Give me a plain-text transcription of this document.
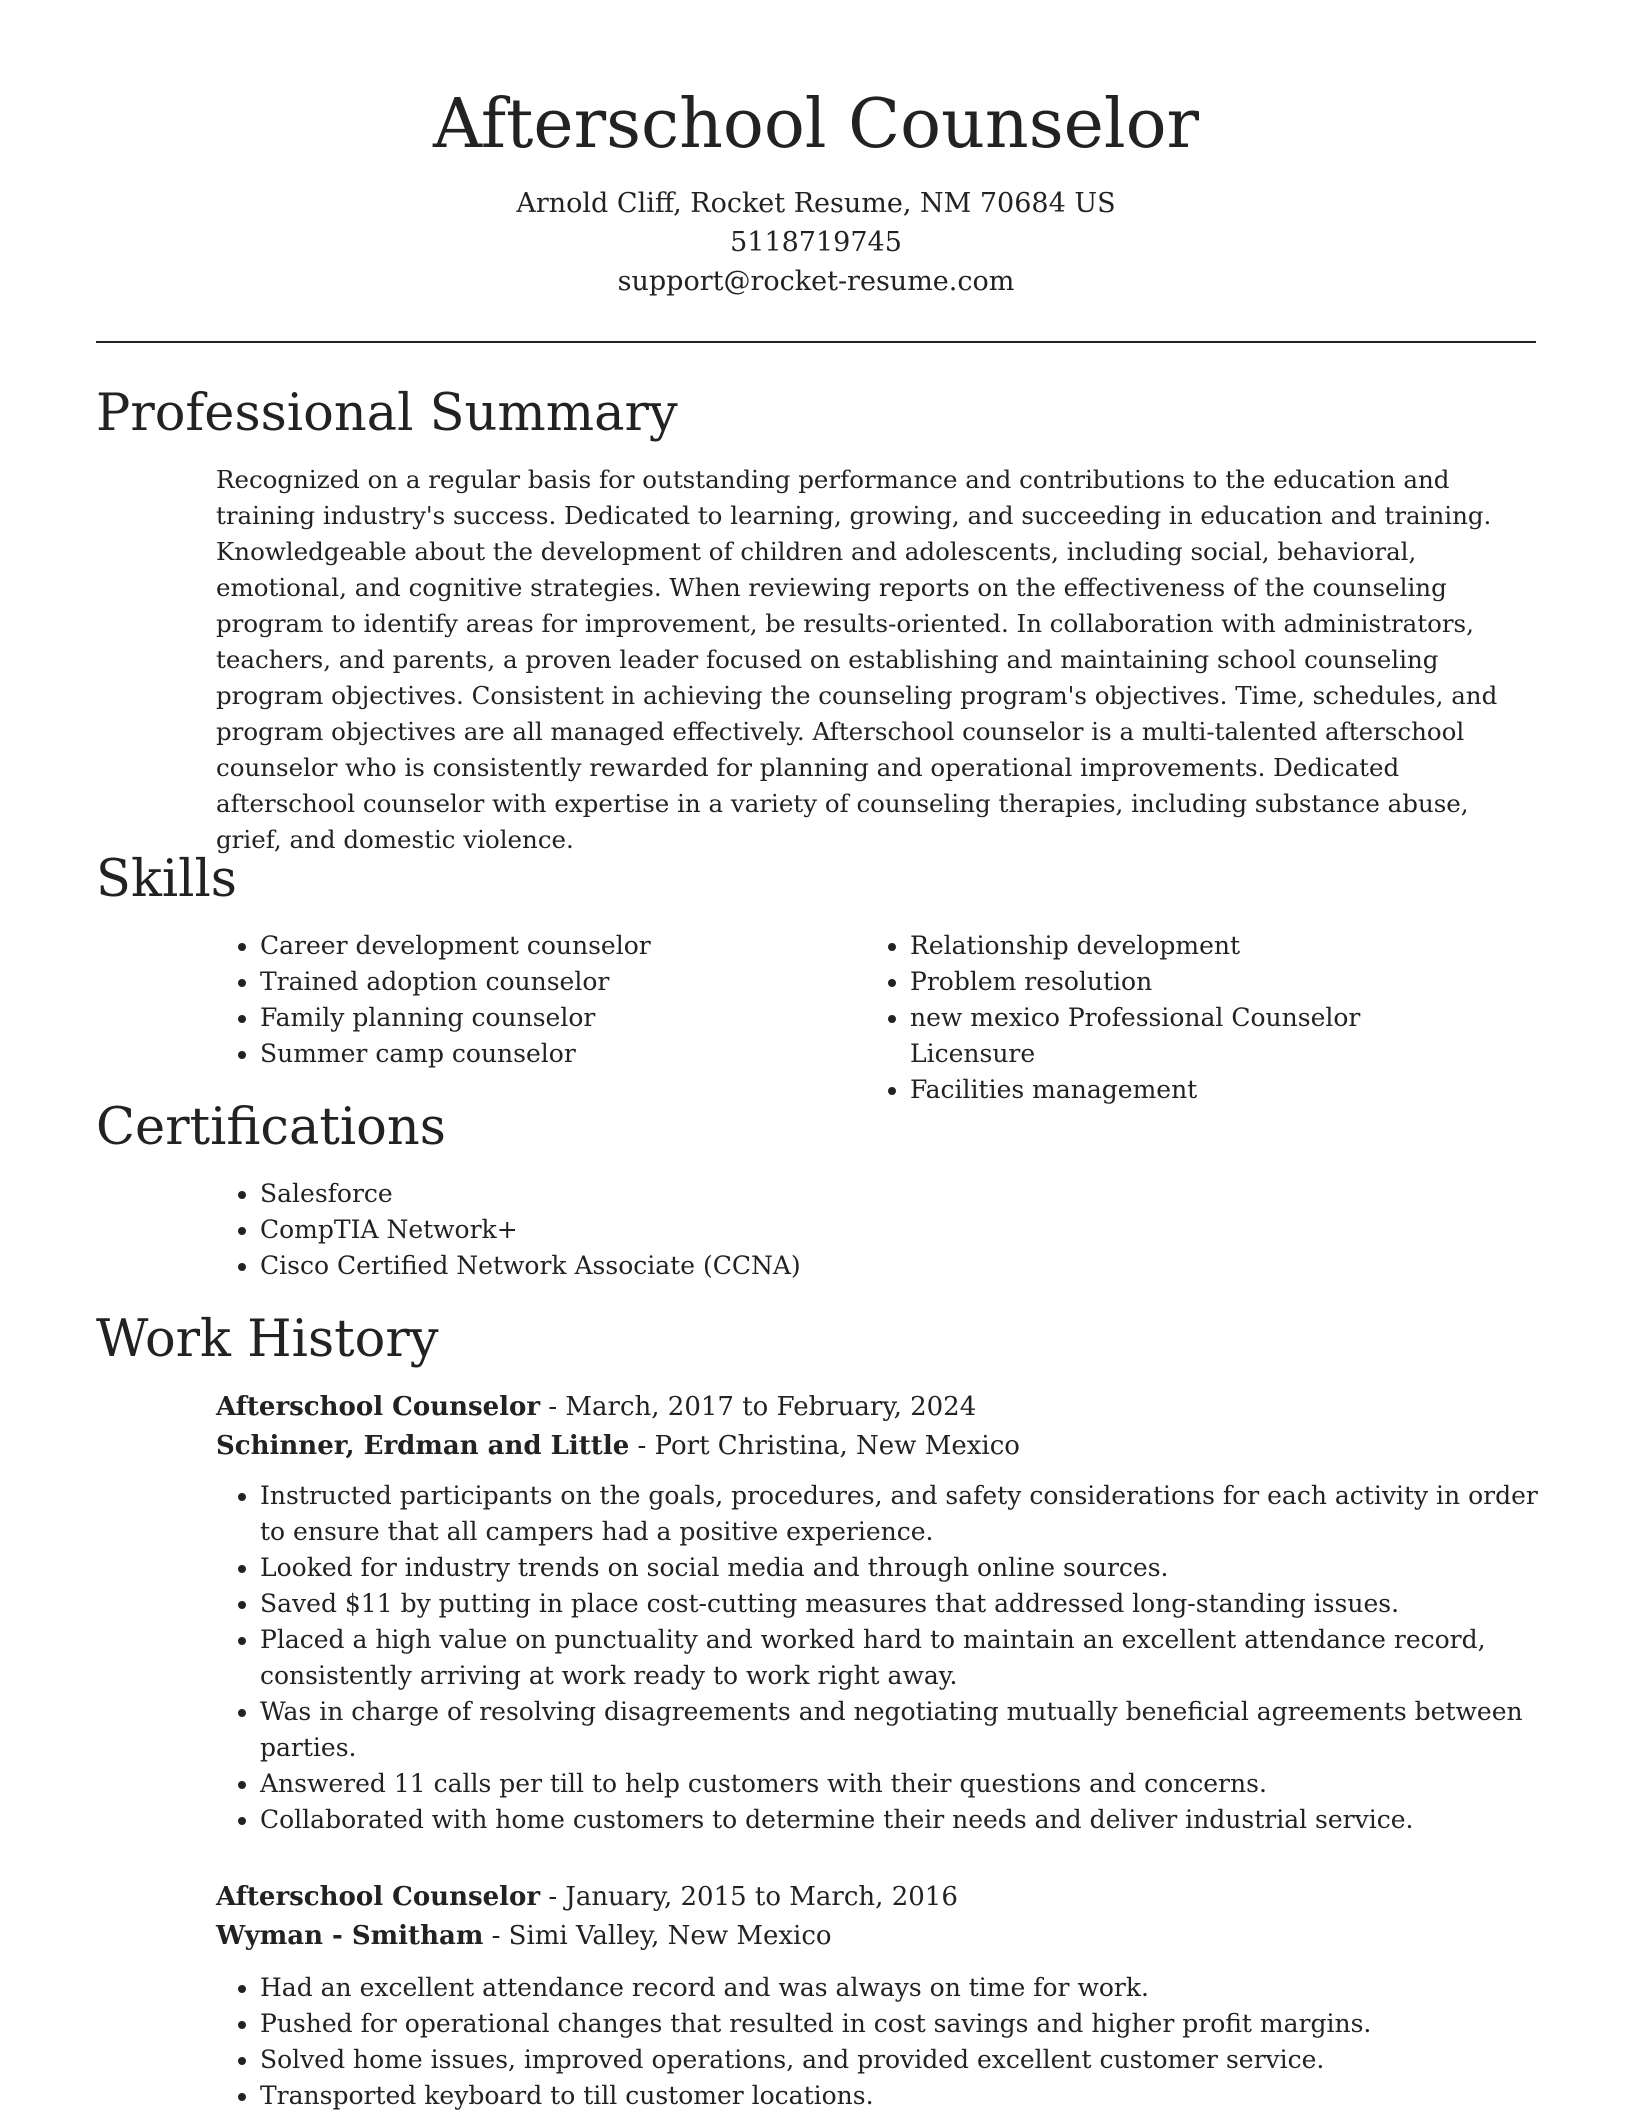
Afterschool Counselor

Arnold Cliff, Rocket Resume, NM 70684 US

5118719745

support@rocket-resume.com

Professional Summary

Recognized on a regular basis for outstanding performance and contributions to the education and training industry's success. Dedicated to learning, growing, and succeeding in education and training. Knowledgeable about the development of children and adolescents, including social, behavioral, emotional, and cognitive strategies. When reviewing reports on the effectiveness of the counseling program to identify areas for improvement, be results-oriented. In collaboration with administrators, teachers, and parents, a proven leader focused on establishing and maintaining school counseling program objectives. Consistent in achieving the counseling program's objectives. Time, schedules, and program objectives are all managed effectively. Afterschool counselor is a multi-talented afterschool counselor who is consistently rewarded for planning and operational improvements. Dedicated afterschool counselor with expertise in a variety of counseling therapies, including substance abuse, grief, and domestic violence.

Skills
• Career development counselor
• Trained adoption counselor
• Family planning counselor
• Summer camp counselor
• Relationship development
• Problem resolution
• new mexico Professional Counselor Licensure
• Facilities management
Certifications
• Salesforce
• CompTIA Network+
• Cisco Certified Network Associate (CCNA)
Work History

Afterschool Counselor - March, 2017 to February, 2024

Schinner, Erdman and Little - Port Christina, New Mexico

• Instructed participants on the goals, procedures, and safety considerations for each activity in order to ensure that all campers had a positive experience.
• Looked for industry trends on social media and through online sources.
• Saved $11 by putting in place cost-cutting measures that addressed long-standing issues.
• Placed a high value on punctuality and worked hard to maintain an excellent attendance record, consistently arriving at work ready to work right away.
• Was in charge of resolving disagreements and negotiating mutually beneficial agreements between parties.
• Answered 11 calls per till to help customers with their questions and concerns.
• Collaborated with home customers to determine their needs and deliver industrial service.

Afterschool Counselor - January, 2015 to March, 2016

Wyman - Smitham - Simi Valley, New Mexico

• Had an excellent attendance record and was always on time for work.
• Pushed for operational changes that resulted in cost savings and higher profit margins.
• Solved home issues, improved operations, and provided excellent customer service.
• Transported keyboard to till customer locations.
